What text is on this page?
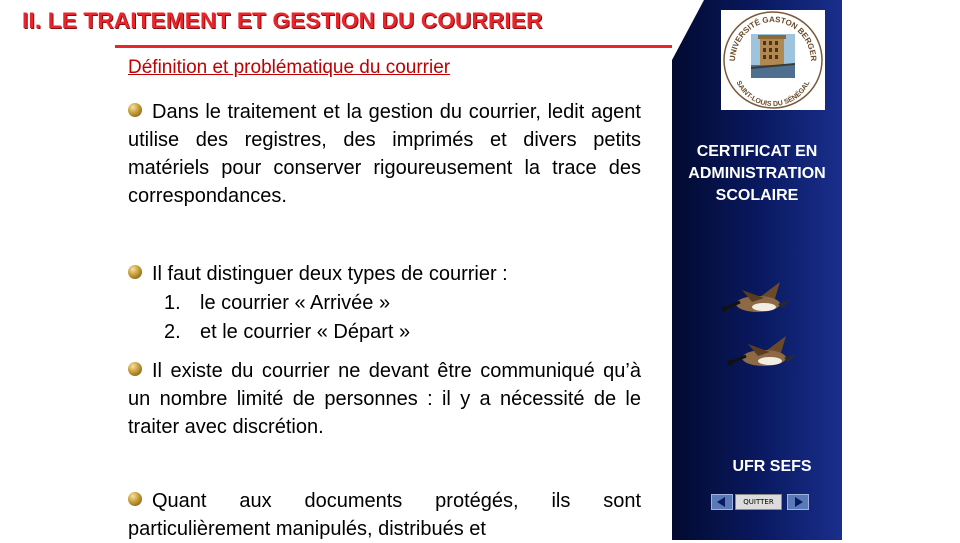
II. LE TRAITEMENT ET GESTION DU COURRIER
Définition et problématique du courrier

Dans le traitement et la gestion du courrier, ledit agent utilise des registres, des imprimés et divers petits matériels pour conserver rigoureusement la trace des correspondances.

Il faut distinguer deux types de courrier :
1. le courrier « Arrivée »
2. et le courrier « Départ »

Il existe du courrier ne devant être communiqué qu’à un nombre limité de personnes : il y a nécessité de le traiter avec discrétion.

Quant aux documents protégés, ils sont particulièrement manipulés, distribués et

UNIVERSITÉ GASTON BERGER
SAINT-LOUIS DU SÉNÉGAL
CERTIFICAT EN
ADMINISTRATION
SCOLAIRE
UFR SEFS
QUITTER
